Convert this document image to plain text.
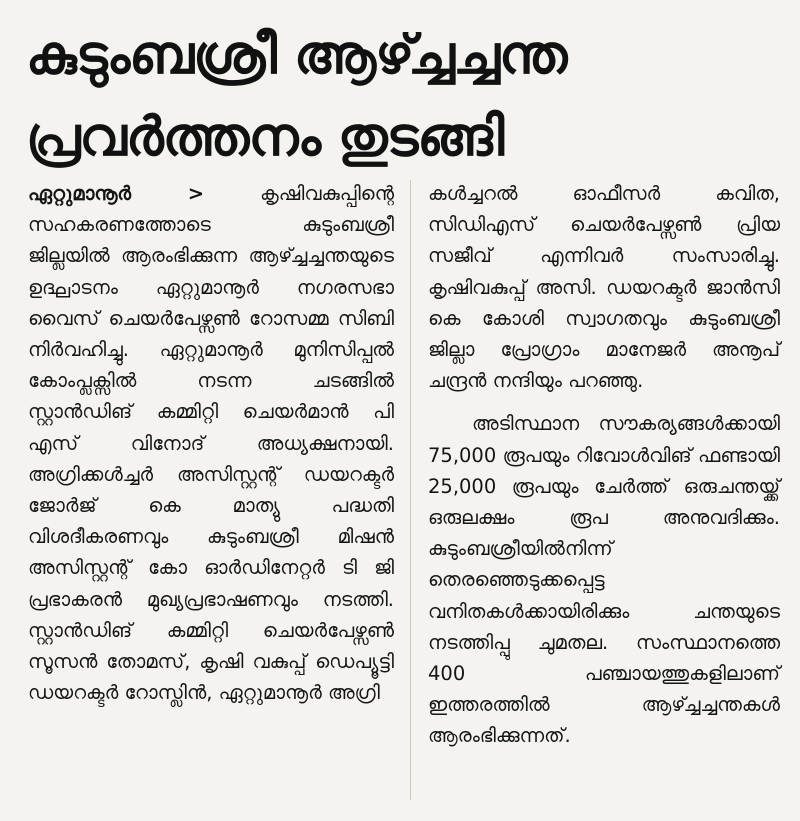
കുടുംബശ്രീ ആഴ്ച്ചച്ചന്ത
പ്രവർത്തനം തുടങ്ങി

ഏറ്റുമാനൂർ >	കൃഷിവകുപ്പിന്റെ സഹകരണത്തോടെ കുടുംബശ്രീ ജില്ലയിൽ ആരംഭിക്കുന്ന ആഴ്ച്ചച്ചന്തയുടെ ഉദ്ഘാടനം ഏറ്റുമാനൂർ നഗരസഭാ വൈസ് ചെയർപേഴ്സൺ റോസമ്മ സിബി നിർവഹിച്ചു. ഏറ്റുമാനൂർ മുനിസിപ്പൽ കോംപ്ലക്സിൽ നടന്ന ചടങ്ങിൽ സ്റ്റാൻഡിങ് കമ്മിറ്റി ചെയർമാൻ പി എസ് വിനോദ് അധ്യക്ഷനായി. അഗ്രിക്കൾച്ചർ അസിസ്റ്റന്റ് ഡയറക്ടർ ജോർജ് കെ മാത്യു പദ്ധതി വിശദീകരണവും കുടുംബശ്രീ മിഷൻ അസിസ്റ്റന്റ് കോ ഓർഡിനേറ്റർ ടി ജി പ്രഭാകരൻ മുഖ്യപ്രഭാഷണവും നടത്തി. സ്റ്റാൻഡിങ് കമ്മിറ്റി ചെയർപേഴ്സൺ സൂസൻ തോമസ്, കൃഷി വകുപ്പ് ഡെപ്യൂട്ടി ഡയറക്ടർ റോസ്ലിൻ, ഏറ്റുമാനൂർ അഗ്രി

കൾച്ചറൽ ഓഫീസർ കവിത, സിഡിഎസ് ചെയർപേഴ്സൺ പ്രിയ സജീവ് എന്നിവർ സംസാരിച്ചു. കൃഷിവകുപ്പ് അസി. ഡയറക്ടർ ജാൻസി കെ കോശി സ്വാഗതവും കുടുംബശ്രീ ജില്ലാ പ്രോഗ്രാം മാനേജർ അനൂപ് ചന്ദ്രൻ നന്ദിയും പറഞ്ഞു.

അടിസ്ഥാന സൗകര്യങ്ങൾക്കായി 75,000 രൂപയും റിവോൾവിങ് ഫണ്ടായി 25,000 രൂപയും ചേർത്ത് ഒരുചന്തയ്ക്ക് ഒരുലക്ഷം രൂപ അനുവദിക്കും. കുടുംബശ്രീയിൽനിന്ന് തെരഞ്ഞെടുക്കപ്പെട്ട വനിതകൾക്കായിരിക്കും ചന്തയുടെ നടത്തിപ്പു ചുമതല. സംസ്ഥാനത്തെ 400 പഞ്ചായത്തുകളിലാണ് ഇത്തരത്തിൽ ആഴ്ച്ചച്ചന്തകൾ ആരംഭിക്കുന്നത്.
